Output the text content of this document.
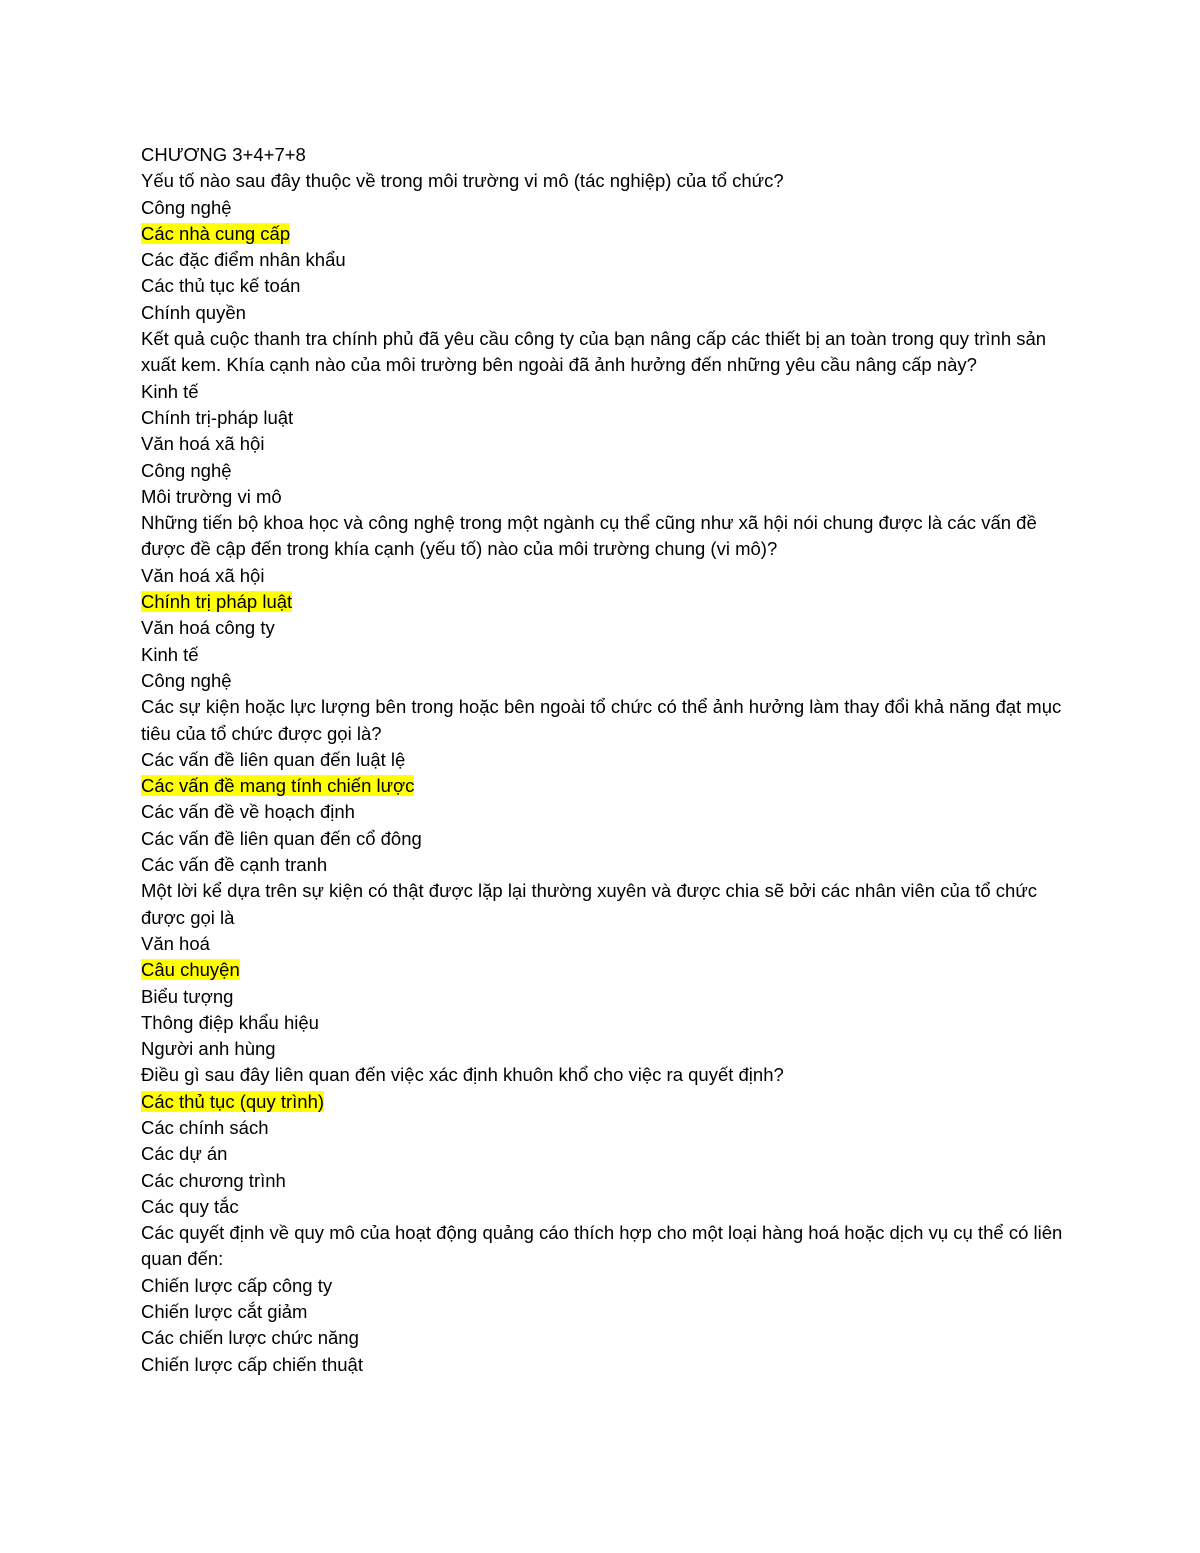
CHƯƠNG 3+4+7+8

Yếu tố nào sau đây thuộc về trong môi trường vi mô (tác nghiệp) của tổ chức?

Công nghệ

Các nhà cung cấp

Các đặc điểm nhân khẩu

Các thủ tục kế toán

Chính quyền

Kết quả cuộc thanh tra chính phủ đã yêu cầu công ty của bạn nâng cấp các thiết bị an toàn trong quy trình sản xuất kem. Khía cạnh nào của môi trường bên ngoài đã ảnh hưởng đến những yêu cầu nâng cấp này?

Kinh tế

Chính trị-pháp luật

Văn hoá xã hội

Công nghệ

Môi trường vi mô

Những tiến bộ khoa học và công nghệ trong một ngành cụ thể cũng như xã hội nói chung được là các vấn đề được đề cập đến trong khía cạnh (yếu tố) nào của môi trường chung (vi mô)?

Văn hoá xã hội

Chính trị pháp luật

Văn hoá công ty

Kinh tế

Công nghệ

Các sự kiện hoặc lực lượng bên trong hoặc bên ngoài tổ chức có thể ảnh hưởng làm thay đổi khả năng đạt mục tiêu của tổ chức được gọi là?

Các vấn đề liên quan đến luật lệ

Các vấn đề mang tính chiến lược

Các vấn đề về hoạch định

Các vấn đề liên quan đến cổ đông

Các vấn đề cạnh tranh

Một lời kể dựa trên sự kiện có thật được lặp lại thường xuyên và được chia sẽ bởi các nhân viên của tổ chức được gọi là

Văn hoá

Câu chuyện

Biểu tượng

Thông điệp khẩu hiệu

Người anh hùng

Điều gì sau đây liên quan đến việc xác định khuôn khổ cho việc ra quyết định?

Các thủ tục (quy trình)

Các chính sách

Các dự án

Các chương trình

Các quy tắc

Các quyết định về quy mô của hoạt động quảng cáo thích hợp cho một loại hàng hoá hoặc dịch vụ cụ thể có liên quan đến:

Chiến lược cấp công ty

Chiến lược cắt giảm

Các chiến lược chức năng

Chiến lược cấp chiến thuật
